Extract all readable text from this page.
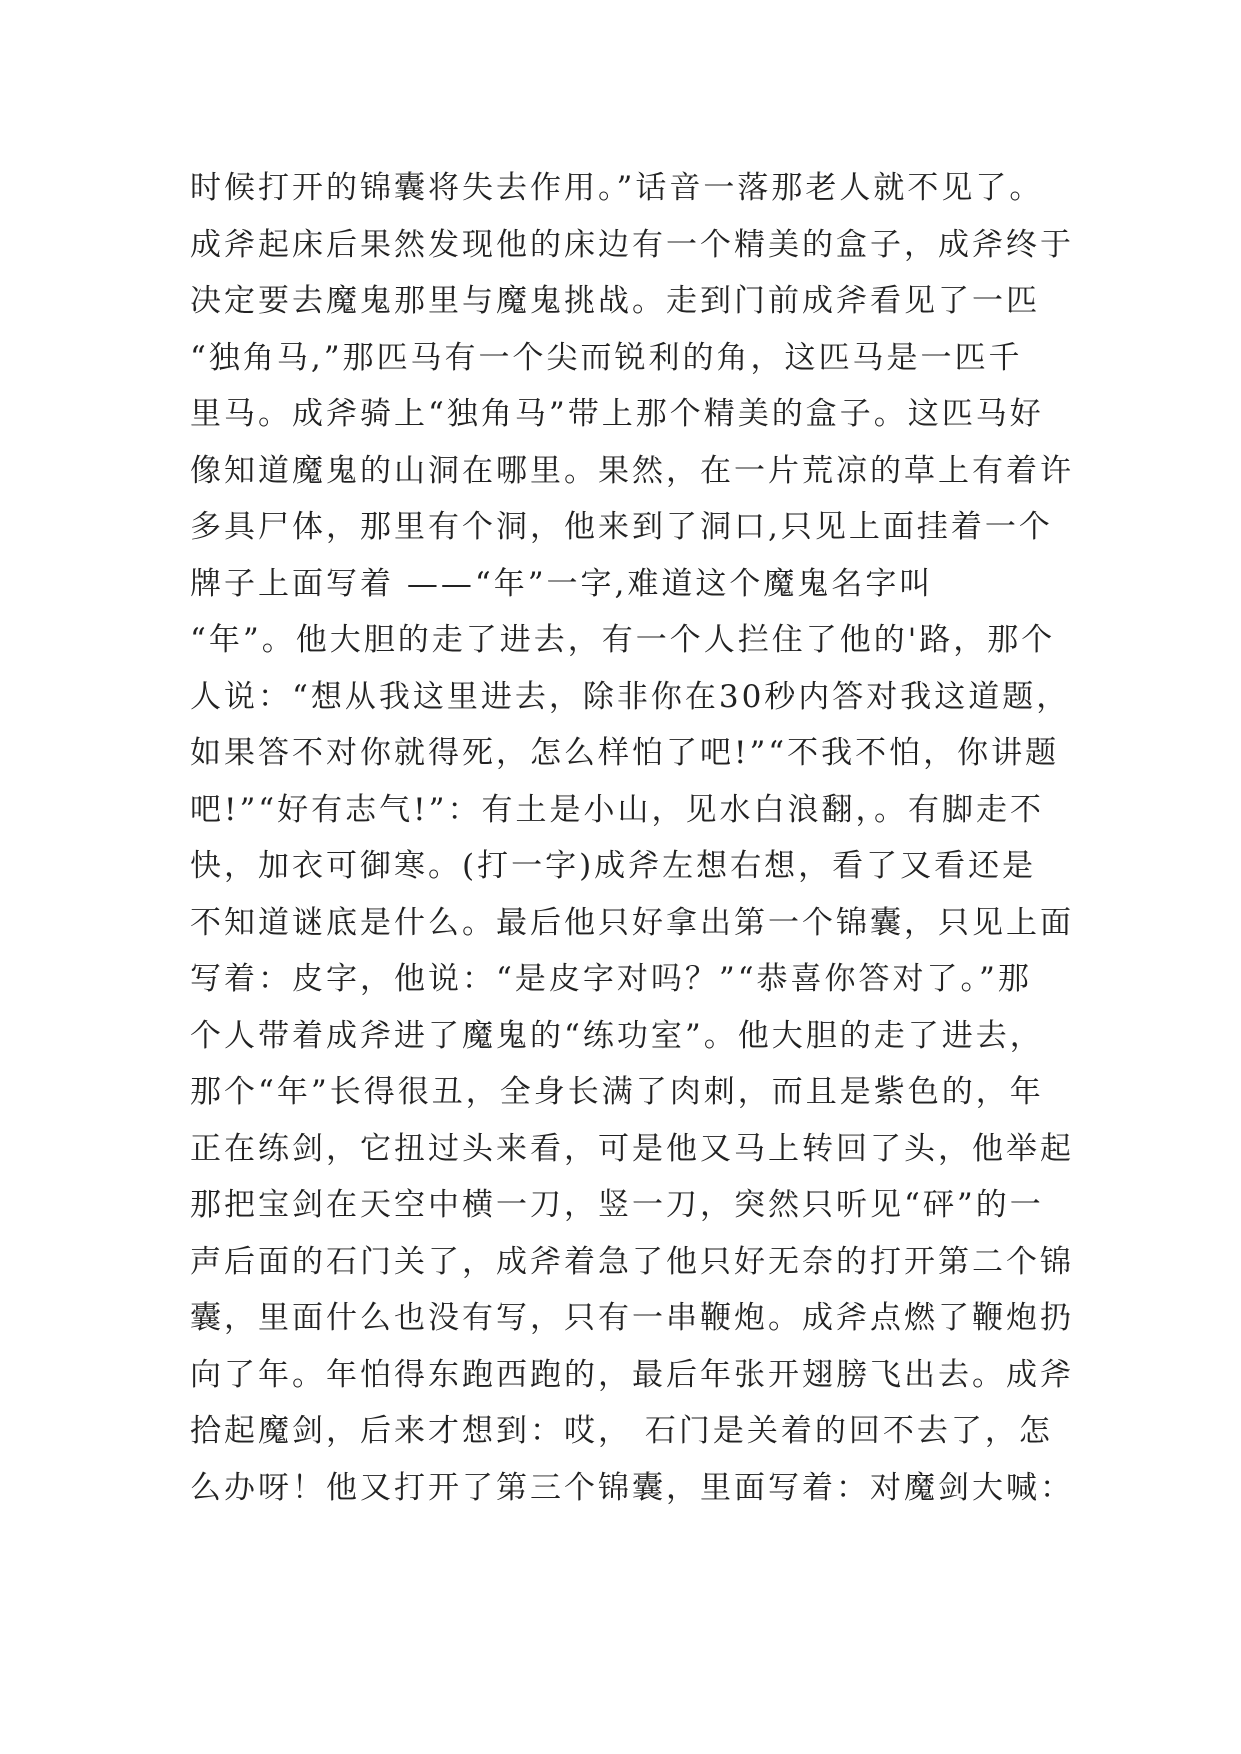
时候打开的锦囊将失去作用。”话音一落那老人就不见了。
成斧起床后果然发现他的床边有一个精美的盒子，成斧终于
决定要去魔鬼那里与魔鬼挑战。走到门前成斧看见了一匹
“独角马,”那匹马有一个尖而锐利的角，这匹马是一匹千
里马。成斧骑上“独角马”带上那个精美的盒子。这匹马好
像知道魔鬼的山洞在哪里。果然，在一片荒凉的草上有着许
多具尸体，那里有个洞，他来到了洞口,只见上面挂着一个
牌子上面写着 ——“年”一字,难道这个魔鬼名字叫
“年”。他大胆的走了进去，有一个人拦住了他的'路，那个
人说：“想从我这里进去，除非你在30秒内答对我这道题，
如果答不对你就得死，怎么样怕了吧!”“不我不怕，你讲题
吧!”“好有志气!”：有土是小山，见水白浪翻，。有脚走不
快，加衣可御寒。(打一字)成斧左想右想，看了又看还是
不知道谜底是什么。最后他只好拿出第一个锦囊，只见上面
写着：皮字，他说：“是皮字对吗？”“恭喜你答对了。”那
个人带着成斧进了魔鬼的“练功室”。他大胆的走了进去，
那个“年”长得很丑，全身长满了肉刺，而且是紫色的，年
正在练剑，它扭过头来看，可是他又马上转回了头，他举起
那把宝剑在天空中横一刀，竖一刀，突然只听见“砰”的一
声后面的石门关了，成斧着急了他只好无奈的打开第二个锦
囊，里面什么也没有写，只有一串鞭炮。成斧点燃了鞭炮扔
向了年。年怕得东跑西跑的，最后年张开翅膀飞出去。成斧
拾起魔剑，后来才想到：哎， 石门是关着的回不去了，怎
么办呀！他又打开了第三个锦囊，里面写着：对魔剑大喊：
